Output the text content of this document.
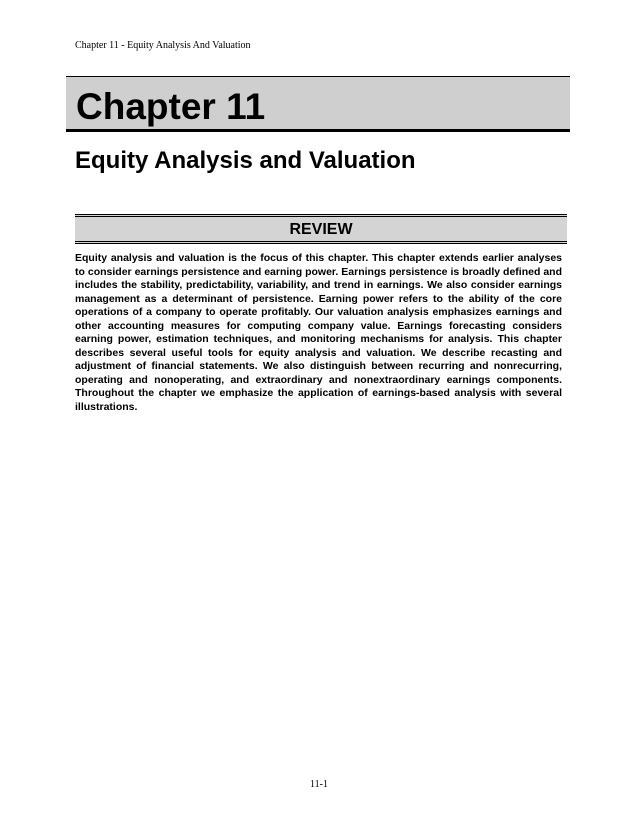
Chapter 11 - Equity Analysis And Valuation
Chapter 11
Equity Analysis and Valuation
REVIEW

Equity analysis and valuation is the focus of this chapter. This chapter extends earlier analyses to consider earnings persistence and earning power. Earnings persistence is broadly defined and includes the stability, predictability, variability, and trend in earnings. We also consider earnings management as a determinant of persistence. Earning power refers to the ability of the core operations of a company to operate profitably. Our valuation analysis emphasizes earnings and other accounting measures for computing company value. Earnings forecasting considers earning power, estimation techniques, and monitoring mechanisms for analysis. This chapter describes several useful tools for equity analysis and valuation. We describe recasting and adjustment of financial statements. We also distinguish between recurring and nonrecurring, operating and nonoperating, and extraordinary and nonextraordinary earnings components. Throughout the chapter we emphasize the application of earnings-based analysis with several illustrations.

11-1
